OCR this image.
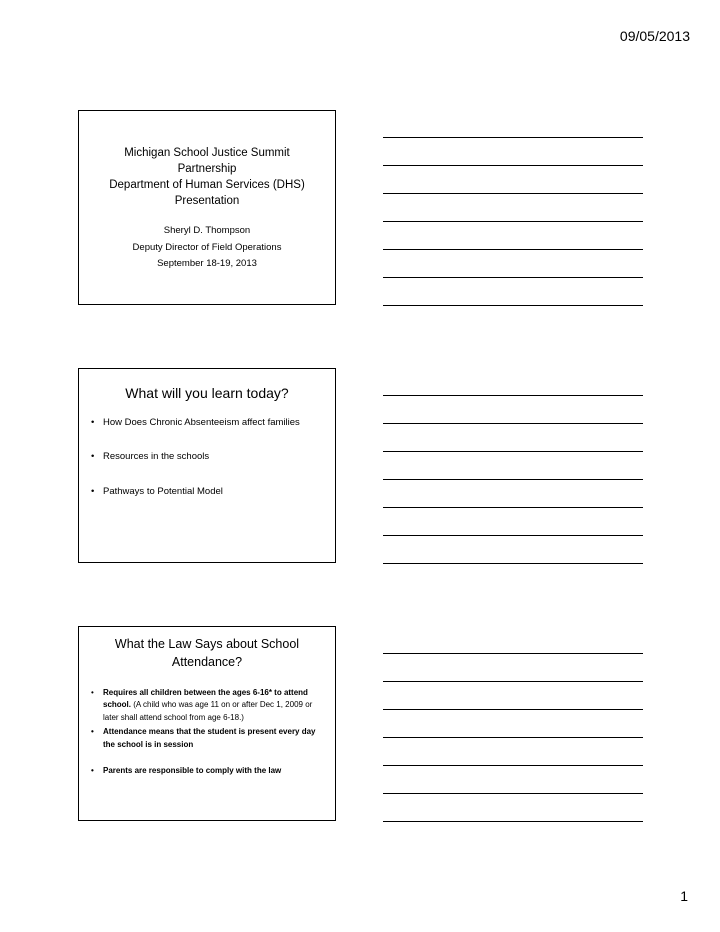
09/05/2013
Michigan School Justice Summit
Partnership
Department of Human Services (DHS)
Presentation
Sheryl D. Thompson
Deputy Director of Field Operations
September 18-19, 2013
What will you learn today?
• How Does Chronic Absenteeism affect families
• Resources in the schools
• Pathways to Potential Model
What the Law Says about School
Attendance?
• Requires all children between the ages 6-16* to attend school. (A child who was age 11 on or after Dec 1, 2009 or later shall attend school from age 6-18.)
• Attendance means that the student is present every day the school is in session
• Parents are responsible to comply with the law
1
